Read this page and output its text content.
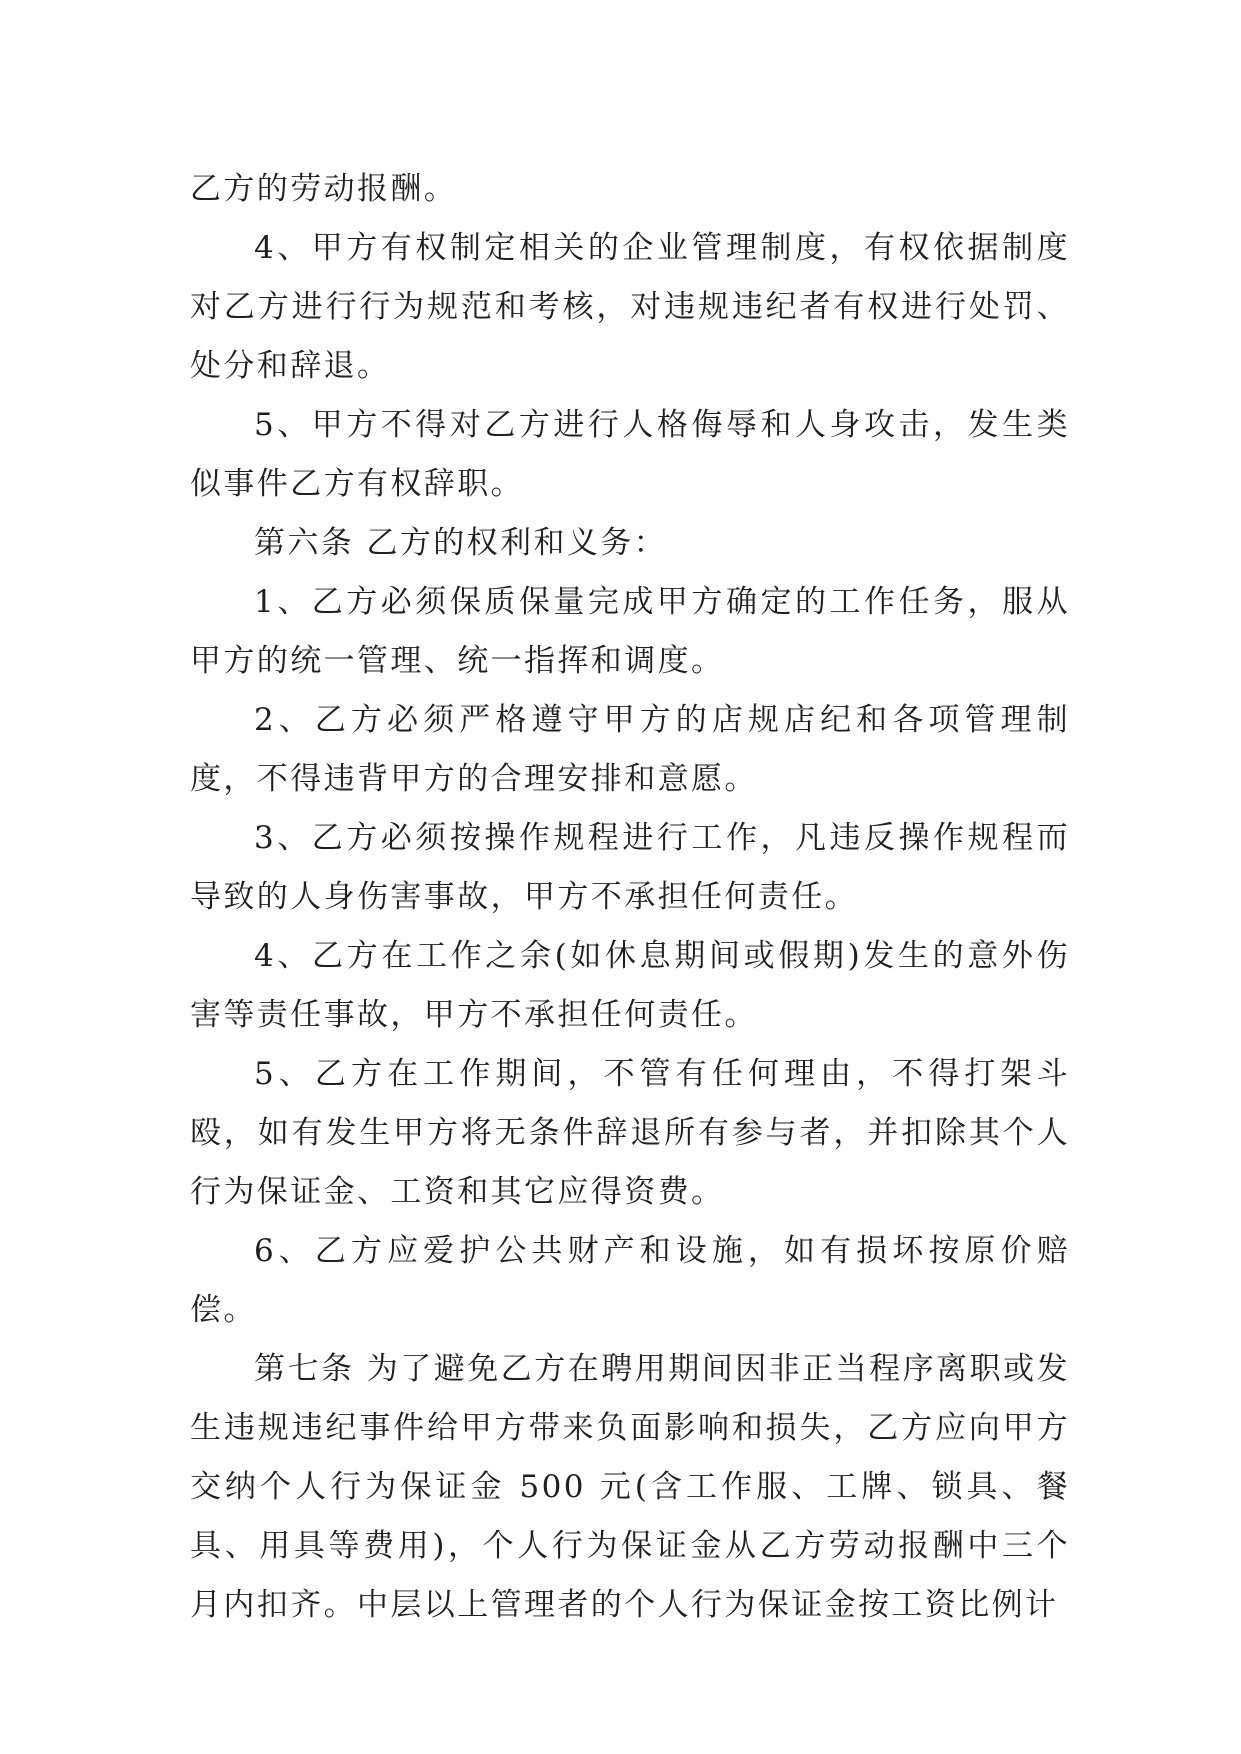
乙方的劳动报酬。

4、甲方有权制定相关的企业管理制度，有权依据制度对乙方进行行为规范和考核，对违规违纪者有权进行处罚、处分和辞退。

5、甲方不得对乙方进行人格侮辱和人身攻击，发生类似事件乙方有权辞职。

第六条 乙方的权利和义务：

1、乙方必须保质保量完成甲方确定的工作任务，服从甲方的统一管理、统一指挥和调度。

2、乙方必须严格遵守甲方的店规店纪和各项管理制度，不得违背甲方的合理安排和意愿。

3、乙方必须按操作规程进行工作，凡违反操作规程而导致的人身伤害事故，甲方不承担任何责任。

4、乙方在工作之余(如休息期间或假期)发生的意外伤害等责任事故，甲方不承担任何责任。

5、乙方在工作期间，不管有任何理由，不得打架斗殴，如有发生甲方将无条件辞退所有参与者，并扣除其个人行为保证金、工资和其它应得资费。

6、乙方应爱护公共财产和设施，如有损坏按原价赔偿。

第七条 为了避免乙方在聘用期间因非正当程序离职或发生违规违纪事件给甲方带来负面影响和损失，乙方应向甲方交纳个人行为保证金 500 元(含工作服、工牌、锁具、餐具、用具等费用)，个人行为保证金从乙方劳动报酬中三个月内扣齐。中层以上管理者的个人行为保证金按工资比例计
